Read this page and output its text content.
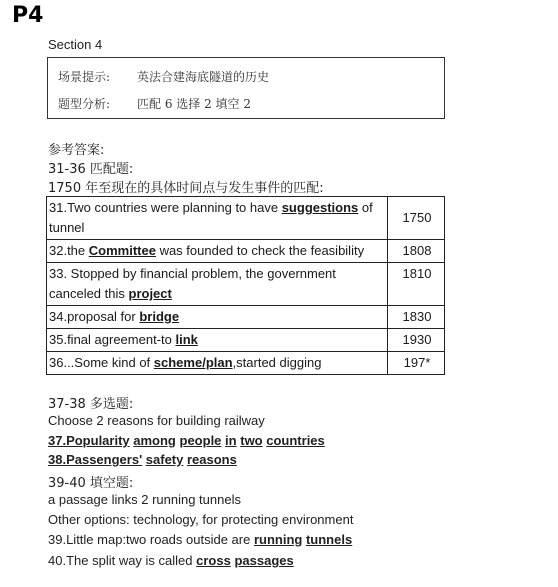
P4
Section 4
场景提示: 英法合建海底隧道的历史
题型分析: 匹配 6 选择 2 填空 2
参考答案:
31-36 匹配题:
1750 年至现在的具体时间点与发生事件的匹配:
31.Two countries were planning to have suggestions of tunnel	1750
32.the Committee was founded to check the feasibility	1808
33. Stopped by financial problem, the government canceled this project	1810
34.proposal for bridge	1830
35.final agreement-to link	1930
36...Some kind of scheme/plan,started digging	197*
37-38 多选题:
Choose 2 reasons for building railway
37.Popularity among people in two countries
38.Passengers' safety reasons
39-40 填空题:
a passage links 2 running tunnels
Other options: technology, for protecting environment
39.Little map:two roads outside are running tunnels
40.The split way is called cross passages
